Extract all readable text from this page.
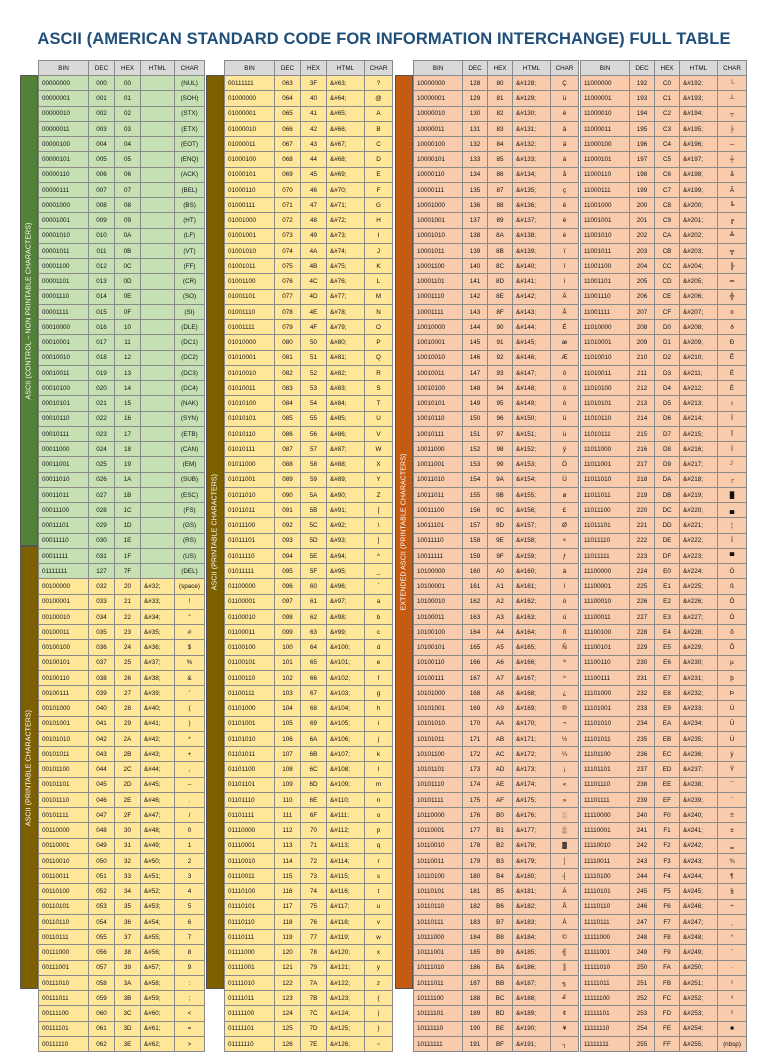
ASCII (AMERICAN STANDARD CODE FOR INFORMATION INTERCHANGE) FULL TABLE
ASCII (CONTROL – NON PRINTABLE CHARACTERS)
ASCII (PRINTABLE CHARACTERS)
ASCII (PRINTABLE CHARACTERS)	EXTENDED ASCII (PRINTABLE CHARACTERS)
BIN	DEC	HEX	HTML	CHAR
00000000	000	00		(NUL)
00000001	001	01		(SOH)
00000010	002	02		(STX)
00000011	003	03		(ETX)
00000100	004	04		(EOT)
00000101	005	05		(ENQ)
00000110	006	06		(ACK)
00000111	007	07		(BEL)
00001000	008	08		(BS)
00001001	009	09		(HT)
00001010	010	0A		(LF)
00001011	011	0B		(VT)
00001100	012	0C		(FF)
00001101	013	0D		(CR)
00001110	014	0E		(SO)
00001111	015	0F		(SI)
00010000	016	10		(DLE)
00010001	017	11		(DC1)
00010010	018	12		(DC2)
00010011	019	13		(DC3)
00010100	020	14		(DC4)
00010101	021	15		(NAK)
00010110	022	16		(SYN)
00010111	023	17		(ETB)
00011000	024	18		(CAN)
00011001	025	19		(EM)
00011010	026	1A		(SUB)
00011011	027	1B		(ESC)
00011100	028	1C		(FS)
00011101	029	1D		(GS)
00011110	030	1E		(RS)
00011111	031	1F		(US)
01111111	127	7F		(DEL)
00100000	032	20	&#32;	(space)
00100001	033	21	&#33;	!
00100010	034	22	&#34;	"
00100011	035	23	&#35;	#
00100100	036	24	&#36;	$
00100101	037	25	&#37;	%
00100110	038	26	&#38;	&
00100111	039	27	&#39;	'
00101000	040	28	&#40;	(
00101001	041	29	&#41;	)
00101010	042	2A	&#42;	*
00101011	043	2B	&#43;	+
00101100	044	2C	&#44;	,
00101101	045	2D	&#45;	–
00101110	046	2E	&#46;	.
00101111	047	2F	&#47;	/
00110000	048	30	&#48;	0
00110001	049	31	&#49;	1
00110010	050	32	&#50;	2
00110011	051	33	&#51;	3
00110100	052	34	&#52;	4
00110101	053	35	&#53;	5
00110110	054	36	&#54;	6
00110111	055	37	&#55;	7
00111000	056	38	&#56;	8
00111001	057	39	&#57;	9
00111010	058	3A	&#58;	:
00111011	059	3B	&#59;	;
00111100	060	3C	&#60;	<
00111101	061	3D	&#61;	=
00111110	062	3E	&#62;	>
BIN	DEC	HEX	HTML	CHAR
00111111	063	3F	&#63;	?
01000000	064	40	&#64;	@
01000001	065	41	&#65;	A
01000010	066	42	&#66;	B
01000011	067	43	&#67;	C
01000100	068	44	&#68;	D
01000101	069	45	&#69;	E
01000110	070	46	&#70;	F
01000111	071	47	&#71;	G
01001000	072	48	&#72;	H
01001001	073	49	&#73;	I
01001010	074	4A	&#74;	J
01001011	075	4B	&#75;	K
01001100	076	4C	&#76;	L
01001101	077	4D	&#77;	M
01001110	078	4E	&#78;	N
01001111	079	4F	&#79;	O
01010000	080	50	&#80;	P
01010001	081	51	&#81;	Q
01010010	082	52	&#82;	R
01010011	083	53	&#83;	S
01010100	084	54	&#84;	T
01010101	085	55	&#85;	U
01010110	086	56	&#86;	V
01010111	087	57	&#87;	W
01011000	088	58	&#88;	X
01011001	089	59	&#89;	Y
01011010	090	5A	&#90;	Z
01011011	091	5B	&#91;	[
01011100	092	5C	&#92;	\
01011101	093	5D	&#93;	]
01011110	094	5E	&#94;	^
01011111	095	5F	&#95;	_
01100000	096	60	&#96;	`
01100001	097	61	&#97;	a
01100010	098	62	&#98;	b
01100011	099	63	&#99;	c
01100100	100	64	&#100;	d
01100101	101	65	&#101;	e
01100110	102	66	&#102;	f
01100111	103	67	&#103;	g
01101000	104	68	&#104;	h
01101001	105	69	&#105;	i
01101010	106	6A	&#106;	j
01101011	107	6B	&#107;	k
01101100	108	6C	&#108;	l
01101101	109	6D	&#109;	m
01101110	110	6E	&#110;	n
01101111	111	6F	&#111;	o
01110000	112	70	&#112;	p
01110001	113	71	&#113;	q
01110010	114	72	&#114;	r
01110011	115	73	&#115;	s
01110100	116	74	&#116;	t
01110101	117	75	&#117;	u
01110110	118	76	&#118;	v
01110111	119	77	&#119;	w
01111000	120	78	&#120;	x
01111001	121	79	&#121;	y
01111010	122	7A	&#122;	z
01111011	123	7B	&#123;	{
01111100	124	7C	&#124;	|
01111101	125	7D	&#125;	}
01111110	126	7E	&#126;	~
BIN	DEC	HEX	HTML	CHAR
10000000	128	80	&#128;	Ç
10000001	129	81	&#129;	ü
10000010	130	82	&#130;	é
10000011	131	83	&#131;	â
10000100	132	84	&#132;	ä
10000101	133	85	&#133;	à
10000110	134	86	&#134;	å
10000111	135	87	&#135;	ç
10001000	136	88	&#136;	ê
10001001	137	89	&#137;	ë
10001010	138	8A	&#138;	è
10001011	139	8B	&#139;	ï
10001100	140	8C	&#140;	î
10001101	141	8D	&#141;	ì
10001110	142	8E	&#142;	Ä
10001111	143	8F	&#143;	Å
10010000	144	90	&#144;	É
10010001	145	91	&#145;	æ
10010010	146	92	&#146;	Æ
10010011	147	93	&#147;	ô
10010100	148	94	&#148;	ö
10010101	149	95	&#149;	ò
10010110	150	96	&#150;	û
10010111	151	97	&#151;	ù
10011000	152	98	&#152;	ÿ
10011001	153	99	&#153;	Ö
10011010	154	9A	&#154;	Ü
10011011	155	9B	&#155;	ø
10011100	156	9C	&#156;	£
10011101	157	9D	&#157;	Ø
10011110	158	9E	&#158;	×
10011111	159	9F	&#159;	ƒ
10100000	160	A0	&#160;	á
10100001	161	A1	&#161;	í
10100010	162	A2	&#162;	ó
10100011	163	A3	&#163;	ú
10100100	164	A4	&#164;	ñ
10100101	165	A5	&#165;	Ñ
10100110	166	A6	&#166;	ª
10100111	167	A7	&#167;	º
10101000	168	A8	&#168;	¿
10101001	169	A9	&#169;	®
10101010	170	AA	&#170;	¬
10101011	171	AB	&#171;	½
10101100	172	AC	&#172;	¼
10101101	173	AD	&#173;	¡
10101110	174	AE	&#174;	«
10101111	175	AF	&#175;	»
10110000	176	B0	&#176;	░
10110001	177	B1	&#177;	▒
10110010	178	B2	&#178;	▓
10110011	179	B3	&#179;	│
10110100	180	B4	&#180;	┤
10110101	181	B5	&#181;	Á
10110110	182	B6	&#182;	Â
10110111	183	B7	&#183;	À
10111000	184	B8	&#184;	©
10111001	185	B9	&#185;	╣
10111010	186	BA	&#186;	║
10111011	187	BB	&#187;	╗
10111100	188	BC	&#188;	╝
10111101	189	BD	&#189;	¢
10111110	190	BE	&#190;	¥
10111111	191	BF	&#191;	┐
BIN	DEC	HEX	HTML	CHAR
11000000	192	C0	&#192;	└
11000001	193	C1	&#193;	┴
11000010	194	C2	&#194;	┬
11000011	195	C3	&#195;	├
11000100	196	C4	&#196;	─
11000101	197	C5	&#197;	┼
11000110	198	C6	&#198;	ã
11000111	199	C7	&#199;	Ã
11001000	200	C8	&#200;	╚
11001001	201	C9	&#201;	╔
11001010	202	CA	&#202;	╩
11001011	203	CB	&#203;	╦
11001100	204	CC	&#204;	╠
11001101	205	CD	&#205;	═
11001110	206	CE	&#206;	╬
11001111	207	CF	&#207;	¤
11010000	208	D0	&#208;	ð
11010001	209	D1	&#209;	Ð
11010010	210	D2	&#210;	Ê
11010011	211	D3	&#211;	Ë
11010100	212	D4	&#212;	È
11010101	213	D5	&#213;	ı
11010110	214	D6	&#214;	Í
11010111	215	D7	&#215;	Î
11011000	216	D8	&#216;	Ï
11011001	217	D9	&#217;	┘
11011010	218	DA	&#218;	┌
11011011	219	DB	&#219;	█
11011100	220	DC	&#220;	▄
11011101	221	DD	&#221;	¦
11011110	222	DE	&#222;	Ì
11011111	223	DF	&#223;	▀
11100000	224	E0	&#224;	Ó
11100001	225	E1	&#225;	ß
11100010	226	E2	&#226;	Ô
11100011	227	E3	&#227;	Ò
11100100	228	E4	&#228;	õ
11100101	229	E5	&#229;	Õ
11100110	230	E6	&#230;	µ
11100111	231	E7	&#231;	þ
11101000	232	E8	&#232;	Þ
11101001	233	E9	&#233;	Ú
11101010	234	EA	&#234;	Û
11101011	235	EB	&#235;	Ù
11101100	236	EC	&#236;	ý
11101101	237	ED	&#237;	Ý
11101110	238	EE	&#238;	¯
11101111	239	EF	&#239;	´
11110000	240	F0	&#240;	≡
11110001	241	F1	&#241;	±
11110010	242	F2	&#242;	‗
11110011	243	F3	&#243;	¾
11110100	244	F4	&#244;	¶
11110101	245	F5	&#245;	§
11110110	246	F6	&#246;	÷
11110111	247	F7	&#247;	¸
11111000	248	F8	&#248;	°
11111001	249	F9	&#249;	¨
11111010	250	FA	&#250;	·
11111011	251	FB	&#251;	¹
11111100	252	FC	&#252;	³
11111101	253	FD	&#253;	²
11111110	254	FE	&#254;	■
11111111	255	FF	&#255;	(nbsp)
